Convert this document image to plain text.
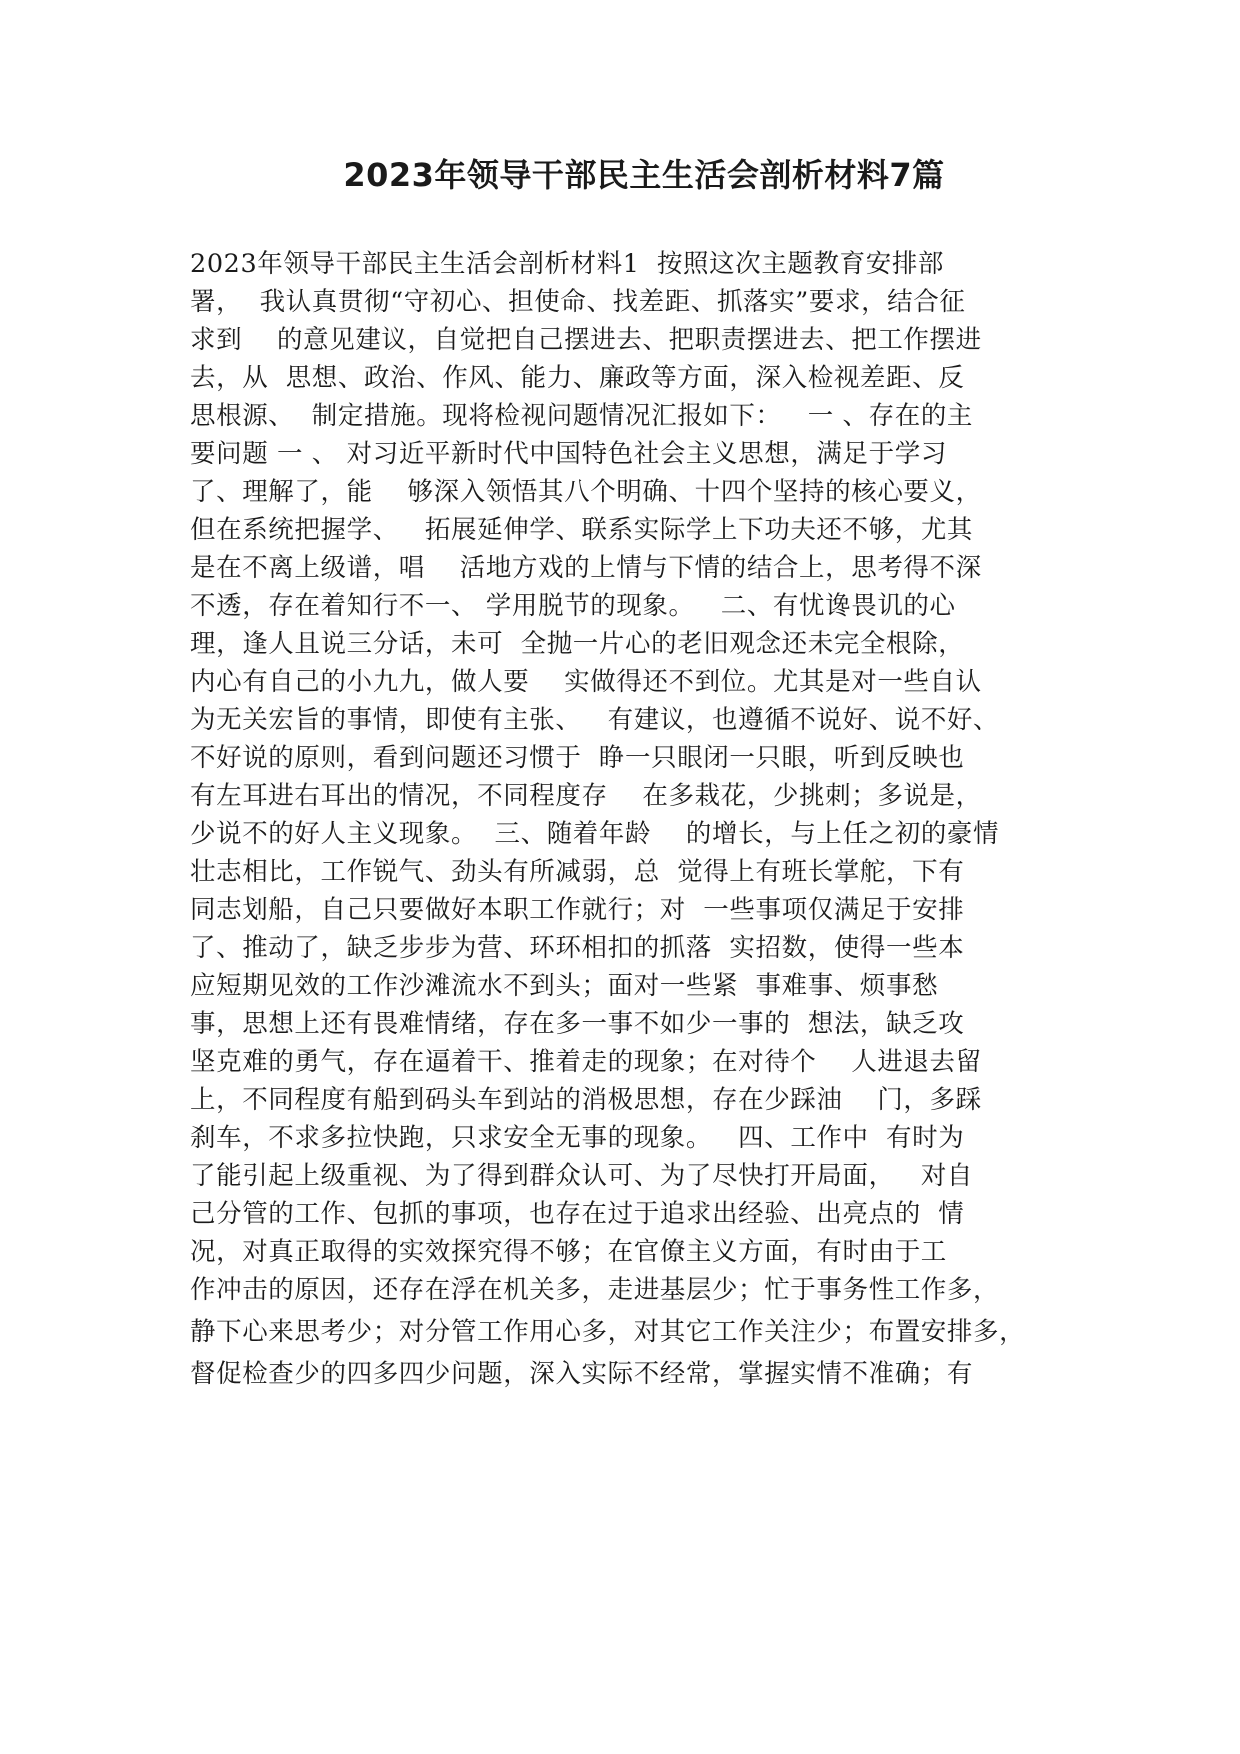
2023年领导干部民主生活会剖析材料7篇
2023年领导干部民主生活会剖析材料1  按照这次主题教育安排部
署，  我认真贯彻“守初心、担使命、找差距、抓落实”要求，结合征
求到    的意见建议，自觉把自己摆进去、把职责摆进去、把工作摆进
去，从  思想、政治、作风、能力、廉政等方面，深入检视差距、反
思根源、  制定措施。现将检视问题情况汇报如下：   一 、存在的主
要问题 一 、 对习近平新时代中国特色社会主义思想，满足于学习
了、理解了，能    够深入领悟其八个明确、十四个坚持的核心要义，
但在系统把握学、   拓展延伸学、联系实际学上下功夫还不够，尤其
是在不离上级谱，唱    活地方戏的上情与下情的结合上，思考得不深
不透，存在着知行不一、 学用脱节的现象。   二、有忧谗畏讥的心
理，逢人且说三分话，未可  全抛一片心的老旧观念还未完全根除，
内心有自己的小九九，做人要    实做得还不到位。尤其是对一些自认
为无关宏旨的事情，即使有主张、   有建议，也遵循不说好、说不好、
不好说的原则，看到问题还习惯于  睁一只眼闭一只眼，听到反映也
有左耳进右耳出的情况，不同程度存    在多栽花，少挑刺；多说是，
少说不的好人主义现象。  三、随着年龄    的增长，与上任之初的豪情
壮志相比，工作锐气、劲头有所减弱，总  觉得上有班长掌舵，下有
同志划船，自己只要做好本职工作就行；对  一些事项仅满足于安排
了、推动了，缺乏步步为营、环环相扣的抓落  实招数，使得一些本
应短期见效的工作沙滩流水不到头；面对一些紧  事难事、烦事愁
事，思想上还有畏难情绪，存在多一事不如少一事的  想法，缺乏攻
坚克难的勇气，存在逼着干、推着走的现象；在对待个    人进退去留
上，不同程度有船到码头车到站的消极思想，存在少踩油    门，多踩
刹车，不求多拉快跑，只求安全无事的现象。   四、工作中  有时为
了能引起上级重视、为了得到群众认可、为了尽快打开局面，   对自
己分管的工作、包抓的事项，也存在过于追求出经验、出亮点的  情
况，对真正取得的实效探究得不够；在官僚主义方面，有时由于工
作冲击的原因，还存在浮在机关多，走进基层少；忙于事务性工作多，
静下心来思考少；对分管工作用心多，对其它工作关注少；布置安排多，
督促检查少的四多四少问题，深入实际不经常，掌握实情不准确；有
